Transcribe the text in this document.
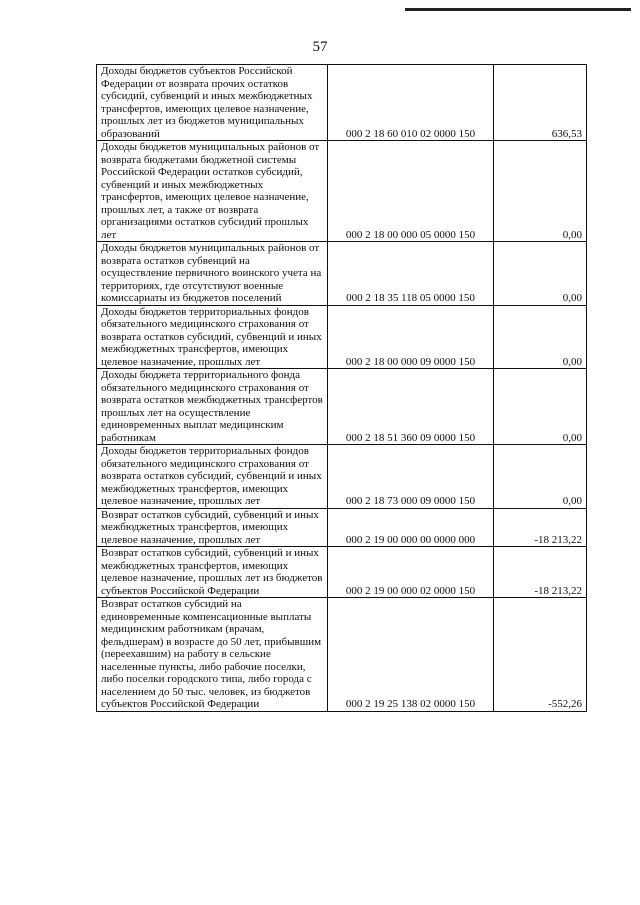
57
Доходы бюджетов субъектов Российской Федерации от возврата прочих остатков субсидий, субвенций и иных межбюджетных трансфертов, имеющих целевое назначение, прошлых лет из бюджетов муниципальных образований	000 2 18 60 010 02 0000 150	636,53
Доходы бюджетов муниципальных районов от возврата бюджетами бюджетной системы Российской Федерации остатков субсидий, субвенций и иных межбюджетных трансфертов, имеющих целевое назначение, прошлых лет, а также от возврата организациями остатков субсидий прошлых лет	000 2 18 00 000 05 0000 150	0,00
Доходы бюджетов муниципальных районов от возврата остатков субвенций на осуществление первичного воинского учета на территориях, где отсутствуют военные комиссариаты из бюджетов поселений	000 2 18 35 118 05 0000 150	0,00
Доходы бюджетов территориальных фондов обязательного медицинского страхования от возврата остатков субсидий, субвенций и иных межбюджетных трансфертов, имеющих целевое назначение, прошлых лет	000 2 18 00 000 09 0000 150	0,00
Доходы бюджета территориального фонда обязательного медицинского страхования от возврата остатков межбюджетных трансфертов прошлых лет на осуществление единовременных выплат медицинским работникам	000 2 18 51 360 09 0000 150	0,00
Доходы бюджетов территориальных фондов обязательного медицинского страхования от возврата остатков субсидий, субвенций и иных межбюджетных трансфертов, имеющих целевое назначение, прошлых лет	000 2 18 73 000 09 0000 150	0,00
Возврат остатков субсидий, субвенций и иных межбюджетных трансфертов, имеющих целевое назначение, прошлых лет	000 2 19 00 000 00 0000 000	-18 213,22
Возврат остатков субсидий, субвенций и иных межбюджетных трансфертов, имеющих целевое назначение, прошлых лет из бюджетов субъектов Российской Федерации	000 2 19 00 000 02 0000 150	-18 213,22
Возврат остатков субсидий на единовременные компенсационные выплаты медицинским работникам (врачам, фельдшерам) в возрасте до 50 лет, прибывшим (переехавшим) на работу в сельские населенные пункты, либо рабочие поселки, либо поселки городского типа, либо города с населением до 50 тыс. человек, из бюджетов субъектов Российской Федерации	000 2 19 25 138 02 0000 150	-552,26
